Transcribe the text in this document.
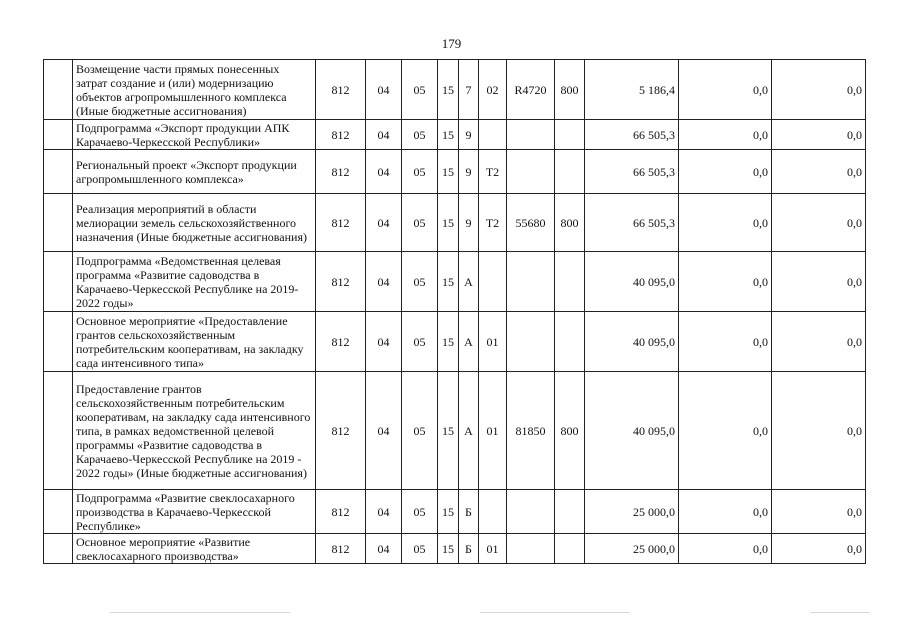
179
	Возмещение части прямых понесенных затрат создание и (или) модернизацию объектов агропромышленного комплекса (Иные бюджетные ассигнования)	812	04	05	15	7	02	R4720	800	5 186,4	0,0	0,0
	Подпрограмма «Экспорт продукции АПК Карачаево-Черкесской Республики»	812	04	05	15	9				66 505,3	0,0	0,0
	Региональный проект «Экспорт продукции агропромышленного комплекса»	812	04	05	15	9	T2			66 505,3	0,0	0,0
	Реализация мероприятий в области мелиорации земель сельскохозяйственного назначения (Иные бюджетные ассигнования)	812	04	05	15	9	T2	55680	800	66 505,3	0,0	0,0
	Подпрограмма «Ведомственная целевая программа «Развитие садоводства в Карачаево-Черкесской Республике на 2019-2022 годы»	812	04	05	15	А				40 095,0	0,0	0,0
	Основное мероприятие «Предоставление грантов сельскохозяйственным потребительским кооперативам, на закладку сада интенсивного типа»	812	04	05	15	А	01			40 095,0	0,0	0,0
	Предоставление грантов сельскохозяйственным потребительским кооперативам, на закладку сада интенсивного типа, в рамках ведомственной целевой программы «Развитие садоводства в Карачаево-Черкесской Республике на 2019 - 2022 годы» (Иные бюджетные ассигнования)	812	04	05	15	А	01	81850	800	40 095,0	0,0	0,0
	Подпрограмма «Развитие свеклосахарного производства в Карачаево-Черкесской Республике»	812	04	05	15	Б				25 000,0	0,0	0,0
	Основное мероприятие «Развитие свеклосахарного производства»	812	04	05	15	Б	01			25 000,0	0,0	0,0
